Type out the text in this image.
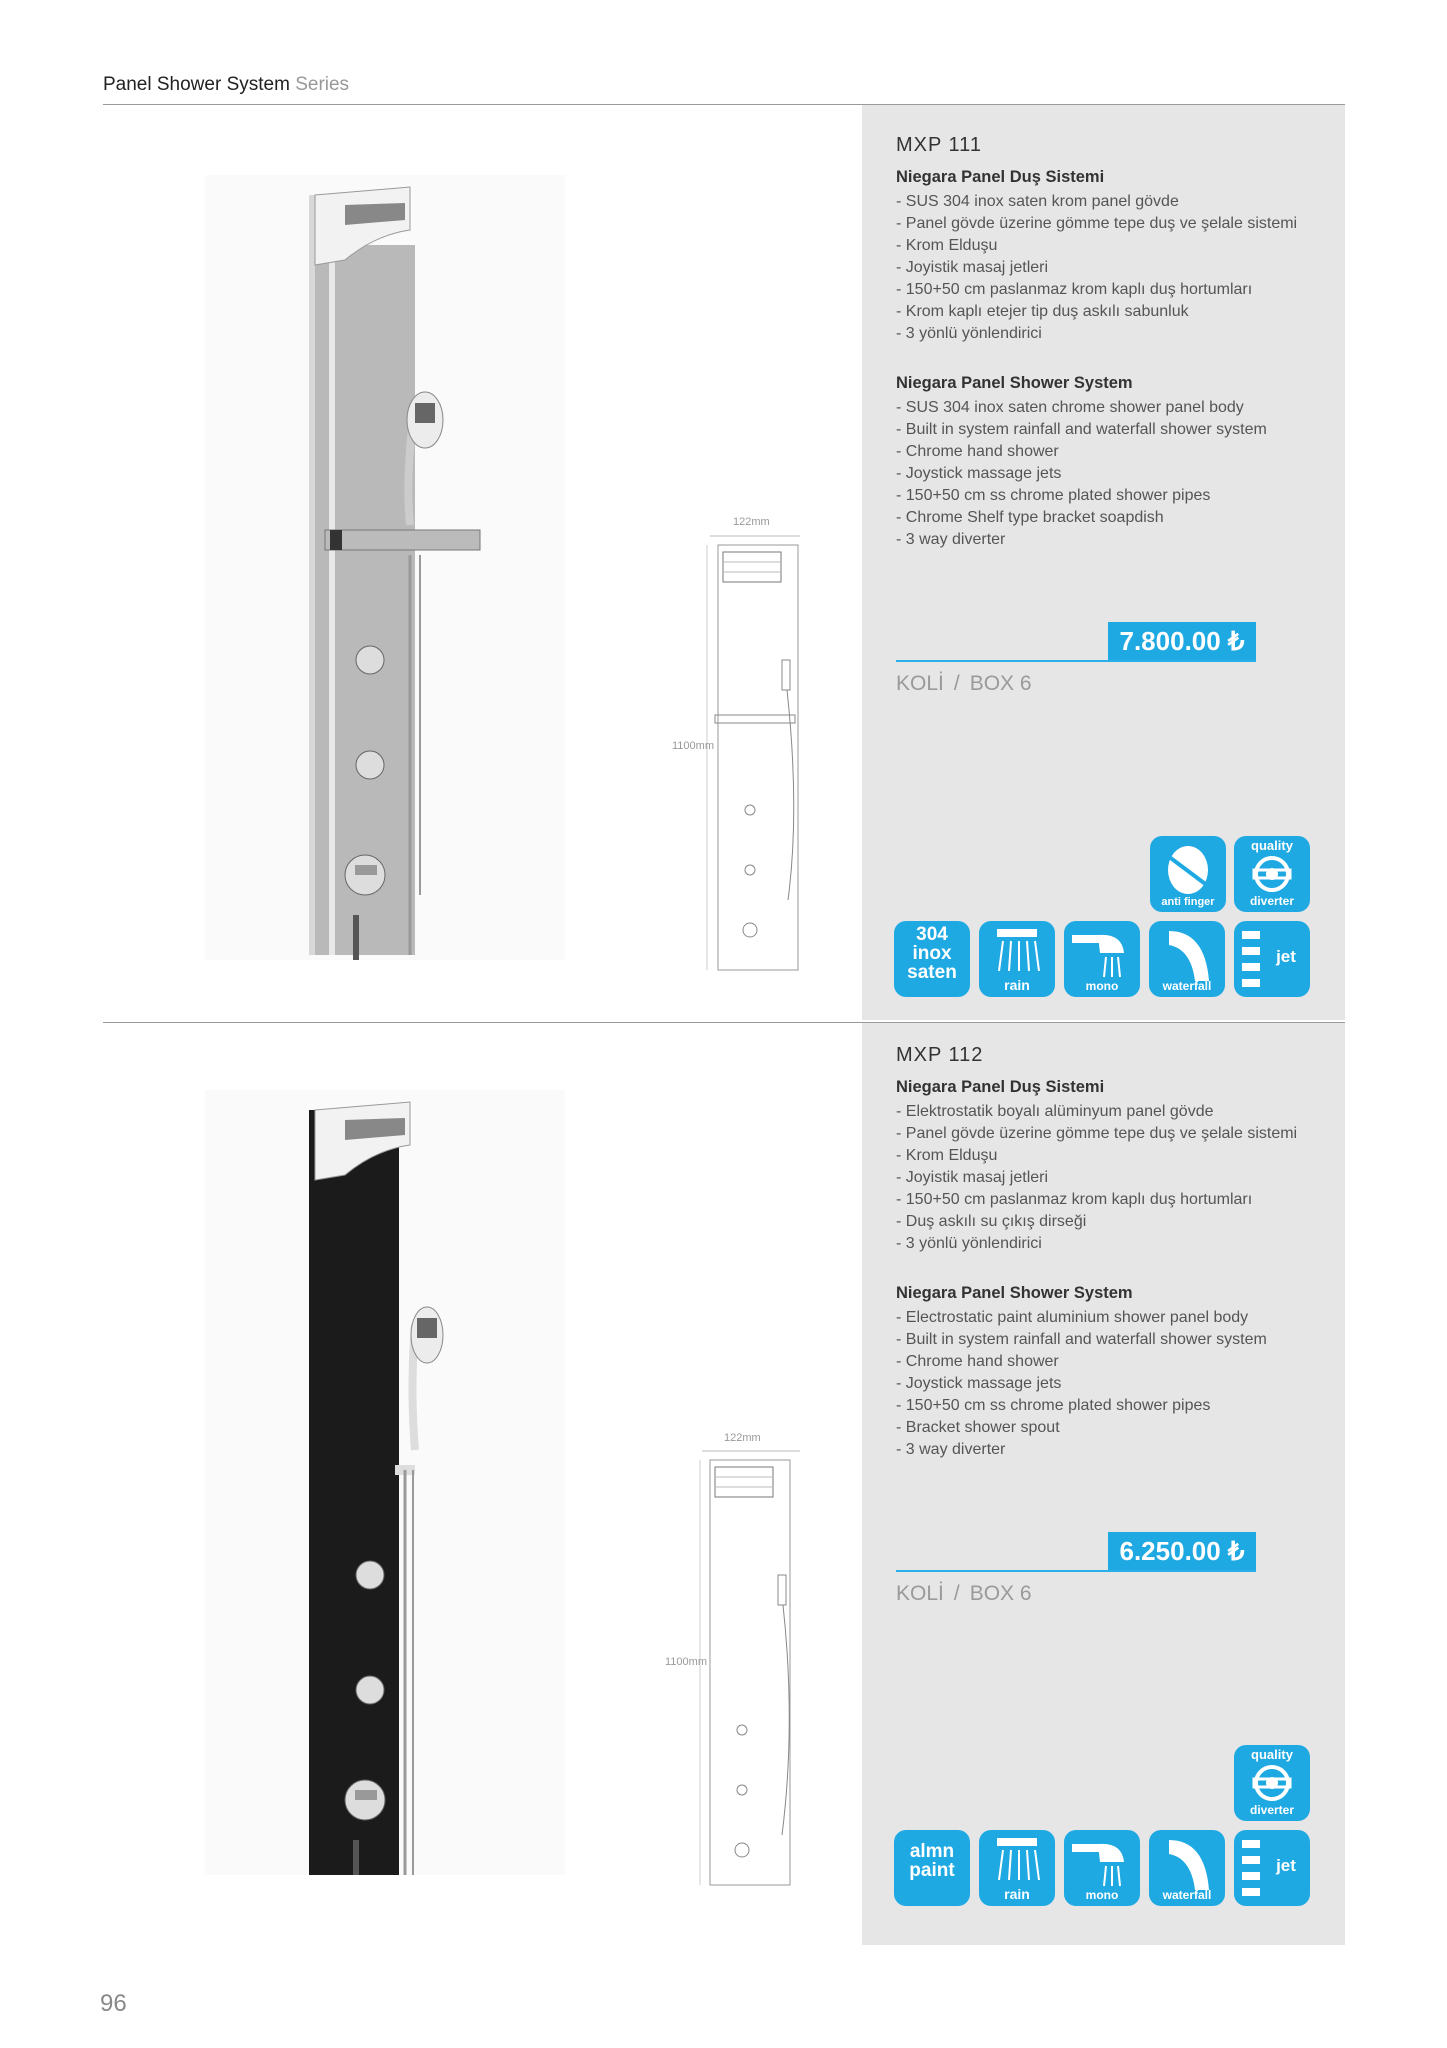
Panel Shower System Series
122mm
1100mm
MXP 111
Niegara Panel Duş Sistemi
- SUS 304 inox saten krom panel gövde
- Panel gövde üzerine gömme tepe duş ve şelale sistemi
- Krom Elduşu
- Joyistik masaj jetleri
- 150+50 cm paslanmaz krom kaplı duş hortumları
- Krom kaplı etejer tip duş askılı sabunluk
- 3 yönlü yönlendirici
Niegara Panel Shower System
- SUS 304 inox saten chrome shower panel body
- Built in system rainfall and waterfall shower system
- Chrome hand shower
- Joystick massage jets
- 150+50 cm ss chrome plated shower pipes
- Chrome Shelf type bracket soapdish
- 3 way diverter
7.800.00 ₺
KOLİ / BOX 6
anti finger
quality
diverter
304 inox saten
rain	mono	waterfall
jet
122mm
1100mm
MXP 112
Niegara Panel Duş Sistemi
- Elektrostatik boyalı alüminyum panel gövde
- Panel gövde üzerine gömme tepe duş ve şelale sistemi
- Krom Elduşu
- Joyistik masaj jetleri
- 150+50 cm paslanmaz krom kaplı duş hortumları
- Duş askılı su çıkış dirseği
- 3 yönlü yönlendirici
Niegara Panel Shower System
- Electrostatic paint aluminium shower panel body
- Built in system rainfall and waterfall shower system
- Chrome hand shower
- Joystick massage jets
- 150+50 cm ss chrome plated shower pipes
- Bracket shower spout
- 3 way diverter
6.250.00 ₺
KOLİ / BOX 6
quality
diverter
almn paint
rain	mono	waterfall
jet
96
